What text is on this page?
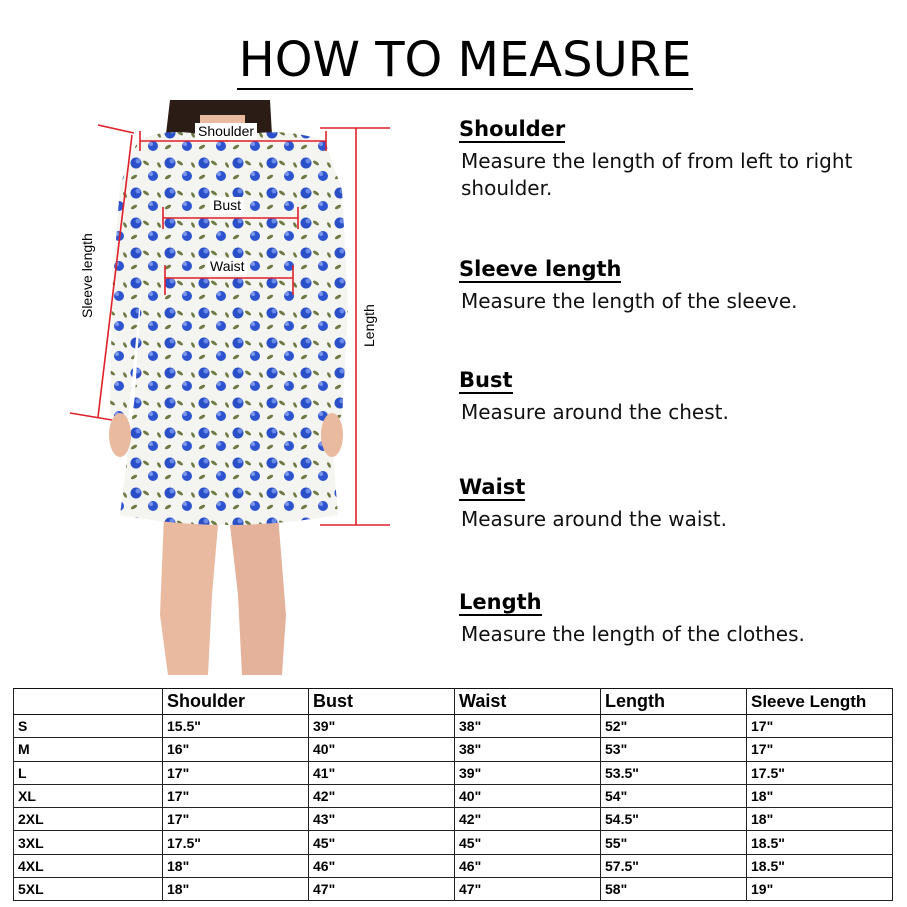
HOW TO MEASURE
Shoulder
Bust
Waist
Sleeve length
Length
Shoulder
Measure the length of from left to right shoulder.
Sleeve length
Measure the length of the sleeve.
Bust
Measure around the chest.
Waist
Measure around the waist.
Length
Measure the length of the clothes.
	Shoulder	Bust	Waist	Length	Sleeve Length
S	15.5"	39"	38"	52"	17"
M	16"	40"	38"	53"	17"
L	17"	41"	39"	53.5"	17.5"
XL	17"	42"	40"	54"	18"
2XL	17"	43"	42"	54.5"	18"
3XL	17.5"	45"	45"	55"	18.5"
4XL	18"	46"	46"	57.5"	18.5"
5XL	18"	47"	47"	58"	19"
